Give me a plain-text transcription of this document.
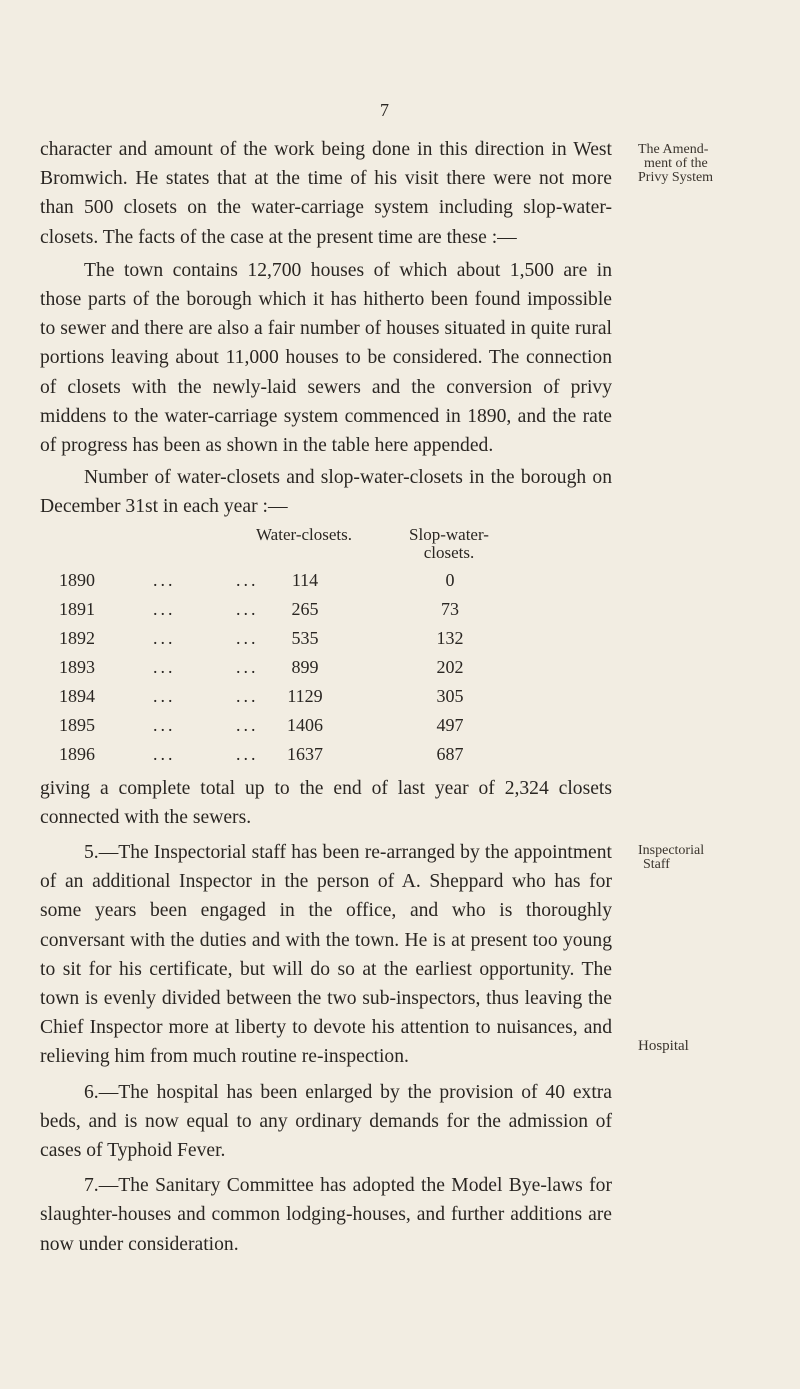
7
The Amend-
ment of the
Privy System
Inspectorial
Staff
Hospital

character and amount of the work being done in this direction in West Bromwich. He states that at the time of his visit there were not more than 500 closets on the water-carriage system including slop-water-closets. The facts of the case at the present time are these :—

The town contains 12,700 houses of which about 1,500 are in those parts of the borough which it has hitherto been found impossible to sewer and there are also a fair number of houses situated in quite rural portions leaving about 11,000 houses to be considered. The connection of closets with the newly-laid sewers and the conversion of privy middens to the water-carriage system commenced in 1890, and the rate of progress has been as shown in the table here appended.

Number of water-closets and slop-water-closets in the borough on December 31st in each year :—

Water-closets.	Slop-water-
closets.
1890	...	...	114	0
1891	...	...	265	73
1892	...	...	535	132
1893	...	...	899	202
1894	...	...	1129	305
1895	...	...	1406	497
1896	...	...	1637	687

giving a complete total up to the end of last year of 2,324 closets connected with the sewers.

5.—The Inspectorial staff has been re-arranged by the appointment of an additional Inspector in the person of A. Sheppard who has for some years been engaged in the office, and who is thoroughly conversant with the duties and with the town. He is at present too young to sit for his certificate, but will do so at the earliest opportunity. The town is evenly divided between the two sub-inspectors, thus leaving the Chief Inspector more at liberty to devote his attention to nuisances, and relieving him from much routine re-inspection.

6.—The hospital has been enlarged by the provision of 40 extra beds, and is now equal to any ordinary demands for the admission of cases of Typhoid Fever.

7.—The Sanitary Committee has adopted the Model Bye-laws for slaughter-houses and common lodging-houses, and further additions are now under consideration.
